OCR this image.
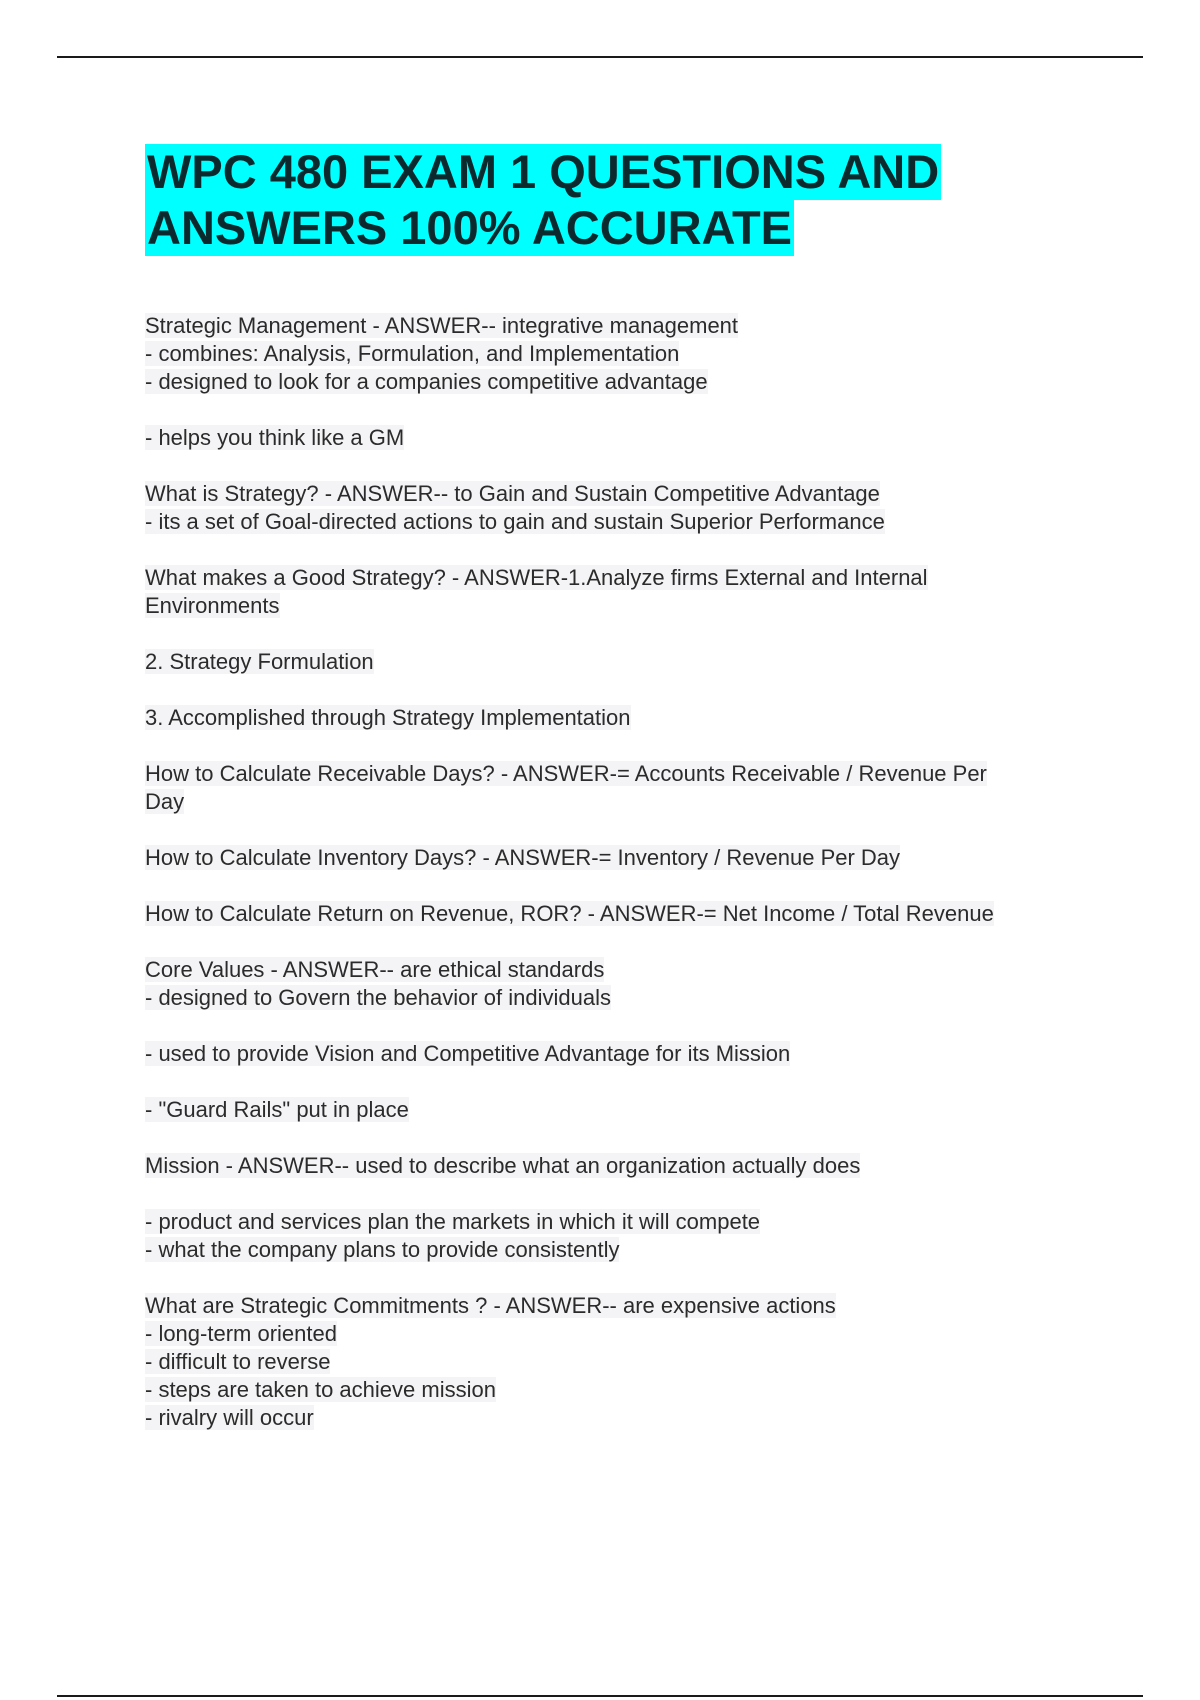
WPC 480 EXAM 1 QUESTIONS AND
ANSWERS 100% ACCURATE
Strategic Management - ANSWER-- integrative management
- combines: Analysis, Formulation, and Implementation
- designed to look for a companies competitive advantage
- helps you think like a GM
What is Strategy? - ANSWER-- to Gain and Sustain Competitive Advantage
- its a set of Goal-directed actions to gain and sustain Superior Performance
What makes a Good Strategy? - ANSWER-1.Analyze firms External and Internal
Environments
2. Strategy Formulation
3. Accomplished through Strategy Implementation
How to Calculate Receivable Days? - ANSWER-= Accounts Receivable / Revenue Per
Day
How to Calculate Inventory Days? - ANSWER-= Inventory / Revenue Per Day
How to Calculate Return on Revenue, ROR? - ANSWER-= Net Income / Total Revenue
Core Values - ANSWER-- are ethical standards
- designed to Govern the behavior of individuals
- used to provide Vision and Competitive Advantage for its Mission
- "Guard Rails" put in place
Mission - ANSWER-- used to describe what an organization actually does
- product and services plan the markets in which it will compete
- what the company plans to provide consistently
What are Strategic Commitments ? - ANSWER-- are expensive actions
- long-term oriented
- difficult to reverse
- steps are taken to achieve mission
- rivalry will occur
